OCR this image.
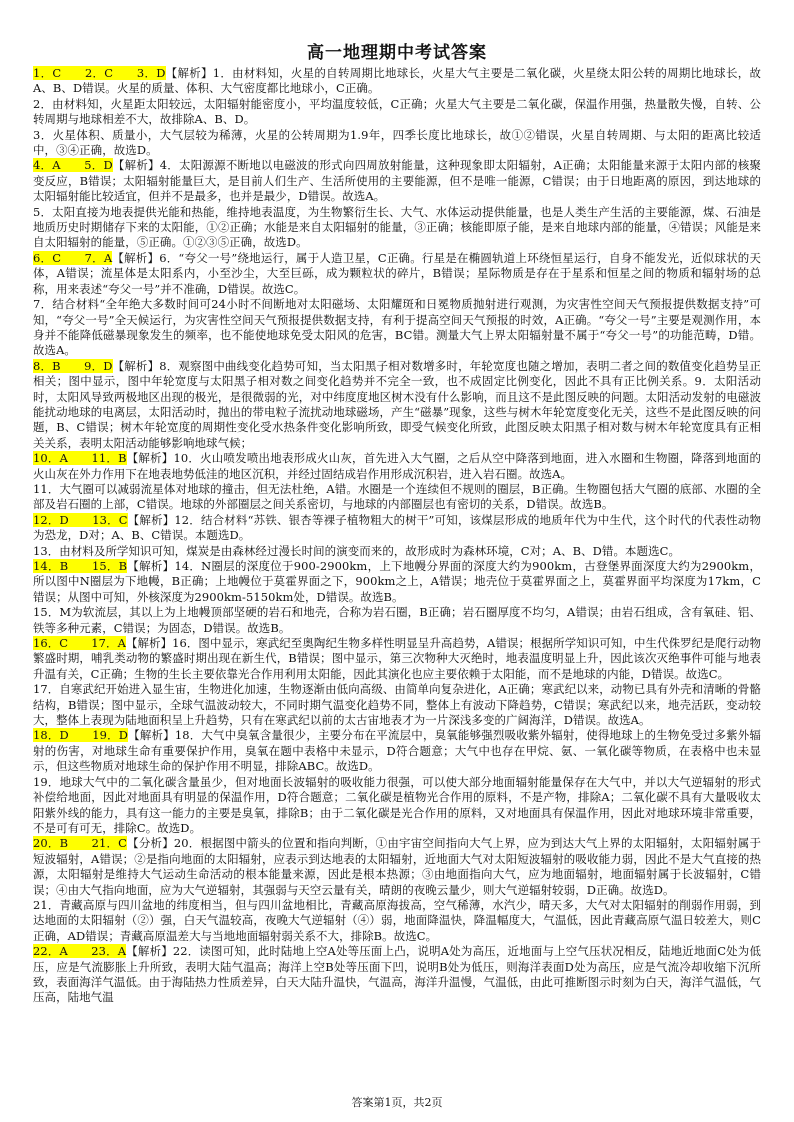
高一地理期中考试答案

1．C　　2．C　　3．D【解析】1．由材料知，火星的自转周期比地球长，火星大气主要是二氧化碳，火星绕太阳公转的周期比地球长，故A、B、D错误。火星的质量、体积、大气密度都比地球小，C正确。

2．由材料知，火星距太阳较远，太阳辐射能密度小，平均温度较低，C正确；火星大气主要是二氧化碳，保温作用强，热量散失慢，自转、公转周期与地球相差不大，故排除A、B、D。

3．火星体积、质量小，大气层较为稀薄，火星的公转周期为1.9年，四季长度比地球长，故①②错误，火星自转周期、与太阳的距离比较适中，③④正确，故选D。

4．A　　5．D【解析】4．太阳源源不断地以电磁波的形式向四周放射能量，这种现象即太阳辐射，A正确；太阳能量来源于太阳内部的核聚变反应，B错误；太阳辐射能量巨大，是目前人们生产、生活所使用的主要能源，但不是唯一能源，C错误；由于日地距离的原因，到达地球的太阳辐射能比较适宜，但并不是最多，也并是最少，D错误。故选A。

5．太阳直接为地表提供光能和热能，维持地表温度，为生物繁衍生长、大气、水体运动提供能量，也是人类生产生活的主要能源，煤、石油是地质历史时期储存下来的太阳能，①②正确；水能是来自太阳辐射的能量，③正确；核能即原子能，是来自地球内部的能量，④错误；风能是来自太阳辐射的能量，⑤正确。①②③⑤正确，故选D。

6．C　　7．A【解析】6．“夸父一号”绕地运行，属于人造卫星，C正确。行星是在椭圆轨道上环绕恒星运行，自身不能发光，近似球状的天体，A错误；流星体是太阳系内，小至沙尘，大至巨砾，成为颗粒状的碎片，B错误；星际物质是存在于星系和恒星之间的物质和辐射场的总称，用来表述“夸父一号”并不准确，D错误。故选C。

7．结合材料“全年绝大多数时间可24小时不间断地对太阳磁场、太阳耀斑和日冕物质抛射进行观测，为灾害性空间天气预报提供数据支持”可知，“夸父一号”全天候运行，为灾害性空间天气预报提供数据支持，有利于提高空间天气预报的时效，A正确。“夸父一号”主要是观测作用，本身并不能降低磁暴现象发生的频率，也不能使地球免受太阳风的危害，BC错。测量大气上界太阳辐射量不属于“夸父一号”的功能范畴，D错。故选A。

8．B　　9．D【解析】8．观察图中曲线变化趋势可知，当太阳黑子相对数增多时，年轮宽度也随之增加，表明二者之间的数值变化趋势呈正相关；图中显示，图中年轮宽度与太阳黑子相对数之间变化趋势并不完全一致，也不成固定比例变化，因此不具有正比例关系。9．太阳活动时，太阳风导致两极地区出现的极光，是很微弱的光，对中纬度度地区树木没有什么影响，而且这不是此图反映的问题。太阳活动发射的电磁波能扰动地球的电离层，太阳活动时，抛出的带电粒子流扰动地球磁场，产生“磁暴”现象，这些与树木年轮宽度变化无关，这些不是此图反映的问题，B、C错误；树木年轮宽度的周期性变化受水热条件变化影响所致，即受气候变化所致，此图反映太阳黑子相对数与树木年轮宽度具有正相关关系，表明太阳活动能够影响地球气候；

10．A　　11．B【解析】10．火山喷发喷出地表形成火山灰，首先进入大气圈，之后从空中降落到地面，进入水圈和生物圈，降落到地面的火山灰在外力作用下在地表地势低洼的地区沉积，并经过固结成岩作用形成沉积岩，进入岩石圈。故选A。

11．大气圈可以减弱流星体对地球的撞击，但无法杜绝，A错。水圈是一个连续但不规则的圈层，B正确。生物圈包括大气圈的底部、水圈的全部及岩石圈的上部，C错误。地球的外部圈层之间关系密切，与地球的内部圈层也有密切的关系，D错误。故选B。

12．D　　13．C【解析】12．结合材料“苏铁、银杏等裸子植物粗大的树干”可知，该煤层形成的地质年代为中生代，这个时代的代表性动物为恐龙，D对；A、B、C错误。本题选D。

13．由材料及所学知识可知，煤炭是由森林经过漫长时间的演变而来的，故形成时为森林环境，C对；A、B、D错。本题选C。

14．B　　15．B【解析】14．N圈层的深度位于900-2900km，上下地幔分界面的深度大约为900km，古登堡界面深度大约为2900km，所以图中N圈层为下地幔，B正确；上地幔位于莫霍界面之下，900km之上，A错误；地壳位于莫霍界面之上，莫霍界面平均深度为17km，C错误；从图中可知，外核深度为2900km-5150km处，D错误。故选B。

15．M为软流层，其以上为上地幔顶部坚硬的岩石和地壳，合称为岩石圈，B正确；岩石圈厚度不均匀，A错误；由岩石组成，含有氧硅、铝、铁等多种元素，C错误；为固态，D错误。故选B。

16．C　　17．A【解析】16．图中显示，寒武纪至奥陶纪生物多样性明显呈升高趋势，A错误；根据所学知识可知，中生代侏罗纪是爬行动物繁盛时期，哺乳类动物的繁盛时期出现在新生代，B错误；图中显示，第三次物种大灭绝时，地表温度明显上升，因此该次灭绝事件可能与地表升温有关，C正确；生物的生长主要依靠光合作用利用太阳能，因此其演化也应主要依赖于太阳能，而不是地球的内能，D错误。故选C。

17．自寒武纪开始进入显生宙，生物进化加速，生物逐渐由低向高级、由简单向复杂进化，A正确；寒武纪以来，动物已具有外壳和清晰的骨骼结构，B错误；图中显示，全球气温波动较大，不同时期气温变化趋势不同，整体上有波动下降趋势，C错误；寒武纪以来，地壳活跃，变动较大，整体上表现为陆地面积呈上升趋势，只有在寒武纪以前的太古宙地表才为一片深浅多变的广阔海洋，D错误。故选A。

18．D　　19．D【解析】18．大气中臭氧含量很少，主要分布在平流层中，臭氧能够强烈吸收紫外辐射，使得地球上的生物免受过多紫外辐射的伤害，对地球生命有重要保护作用，臭氧在题中表格中未显示，D符合题意；大气中也存在甲烷、氨、一氧化碳等物质，在表格中也未显示，但这些物质对地球生命的保护作用不明显，排除ABC。故选D。

19．地球大气中的二氧化碳含量虽少，但对地面长波辐射的吸收能力很强，可以使大部分地面辐射能量保存在大气中，并以大气逆辐射的形式补偿给地面，因此对地面具有明显的保温作用，D符合题意；二氧化碳是植物光合作用的原料，不是产物，排除A；二氧化碳不具有大量吸收太阳紫外线的能力，具有这一能力的主要是臭氧，排除B；由于二氧化碳是光合作用的原料，又对地面具有保温作用，因此对地球环境非常重要，不是可有可无，排除C。故选D。

20．B　　21．C【分析】20．根据图中箭头的位置和指向判断，①由宇宙空间指向大气上界，应为到达大气上界的太阳辐射，太阳辐射属于短波辐射，A错误；②是指向地面的太阳辐射，应表示到达地表的太阳辐射，近地面大气对太阳短波辐射的吸收能力弱，因此不是大气直接的热源，太阳辐射是维持大气运动生命活动的根本能量来源，因此是根本热源；③由地面指向大气，应为地面辐射，地面辐射属于长波辐射，C错误；④由大气指向地面，应为大气逆辐射，其强弱与天空云量有关，晴朗的夜晚云量少，则大气逆辐射较弱，D正确。故选D。

21．青藏高原与四川盆地的纬度相当，但与四川盆地相比，青藏高原海拔高，空气稀薄，水汽少，晴天多，大气对太阳辐射的削弱作用弱，到达地面的太阳辐射（②）强，白天气温较高，夜晚大气逆辐射（④）弱，地面降温快，降温幅度大，气温低，因此青藏高原气温日较差大，则C正确，AD错误；青藏高原温差大与当地地面辐射弱关系不大，排除B。故选C。

22．A　　23．A【解析】22．读图可知，此时陆地上空A处等压面上凸，说明A处为高压，近地面与上空气压状况相反，陆地近地面C处为低压，应是气流膨胀上升所致，表明大陆气温高；海洋上空B处等压面下凹，说明B处为低压，则海洋表面D处为高压，应是气流冷却收缩下沉所致，表面海洋气温低。由于海陆热力性质差异，白天大陆升温快，气温高，海洋升温慢，气温低，由此可推断图示时刻为白天，海洋气温低，气压高，陆地气温

答案第1页，共2页
